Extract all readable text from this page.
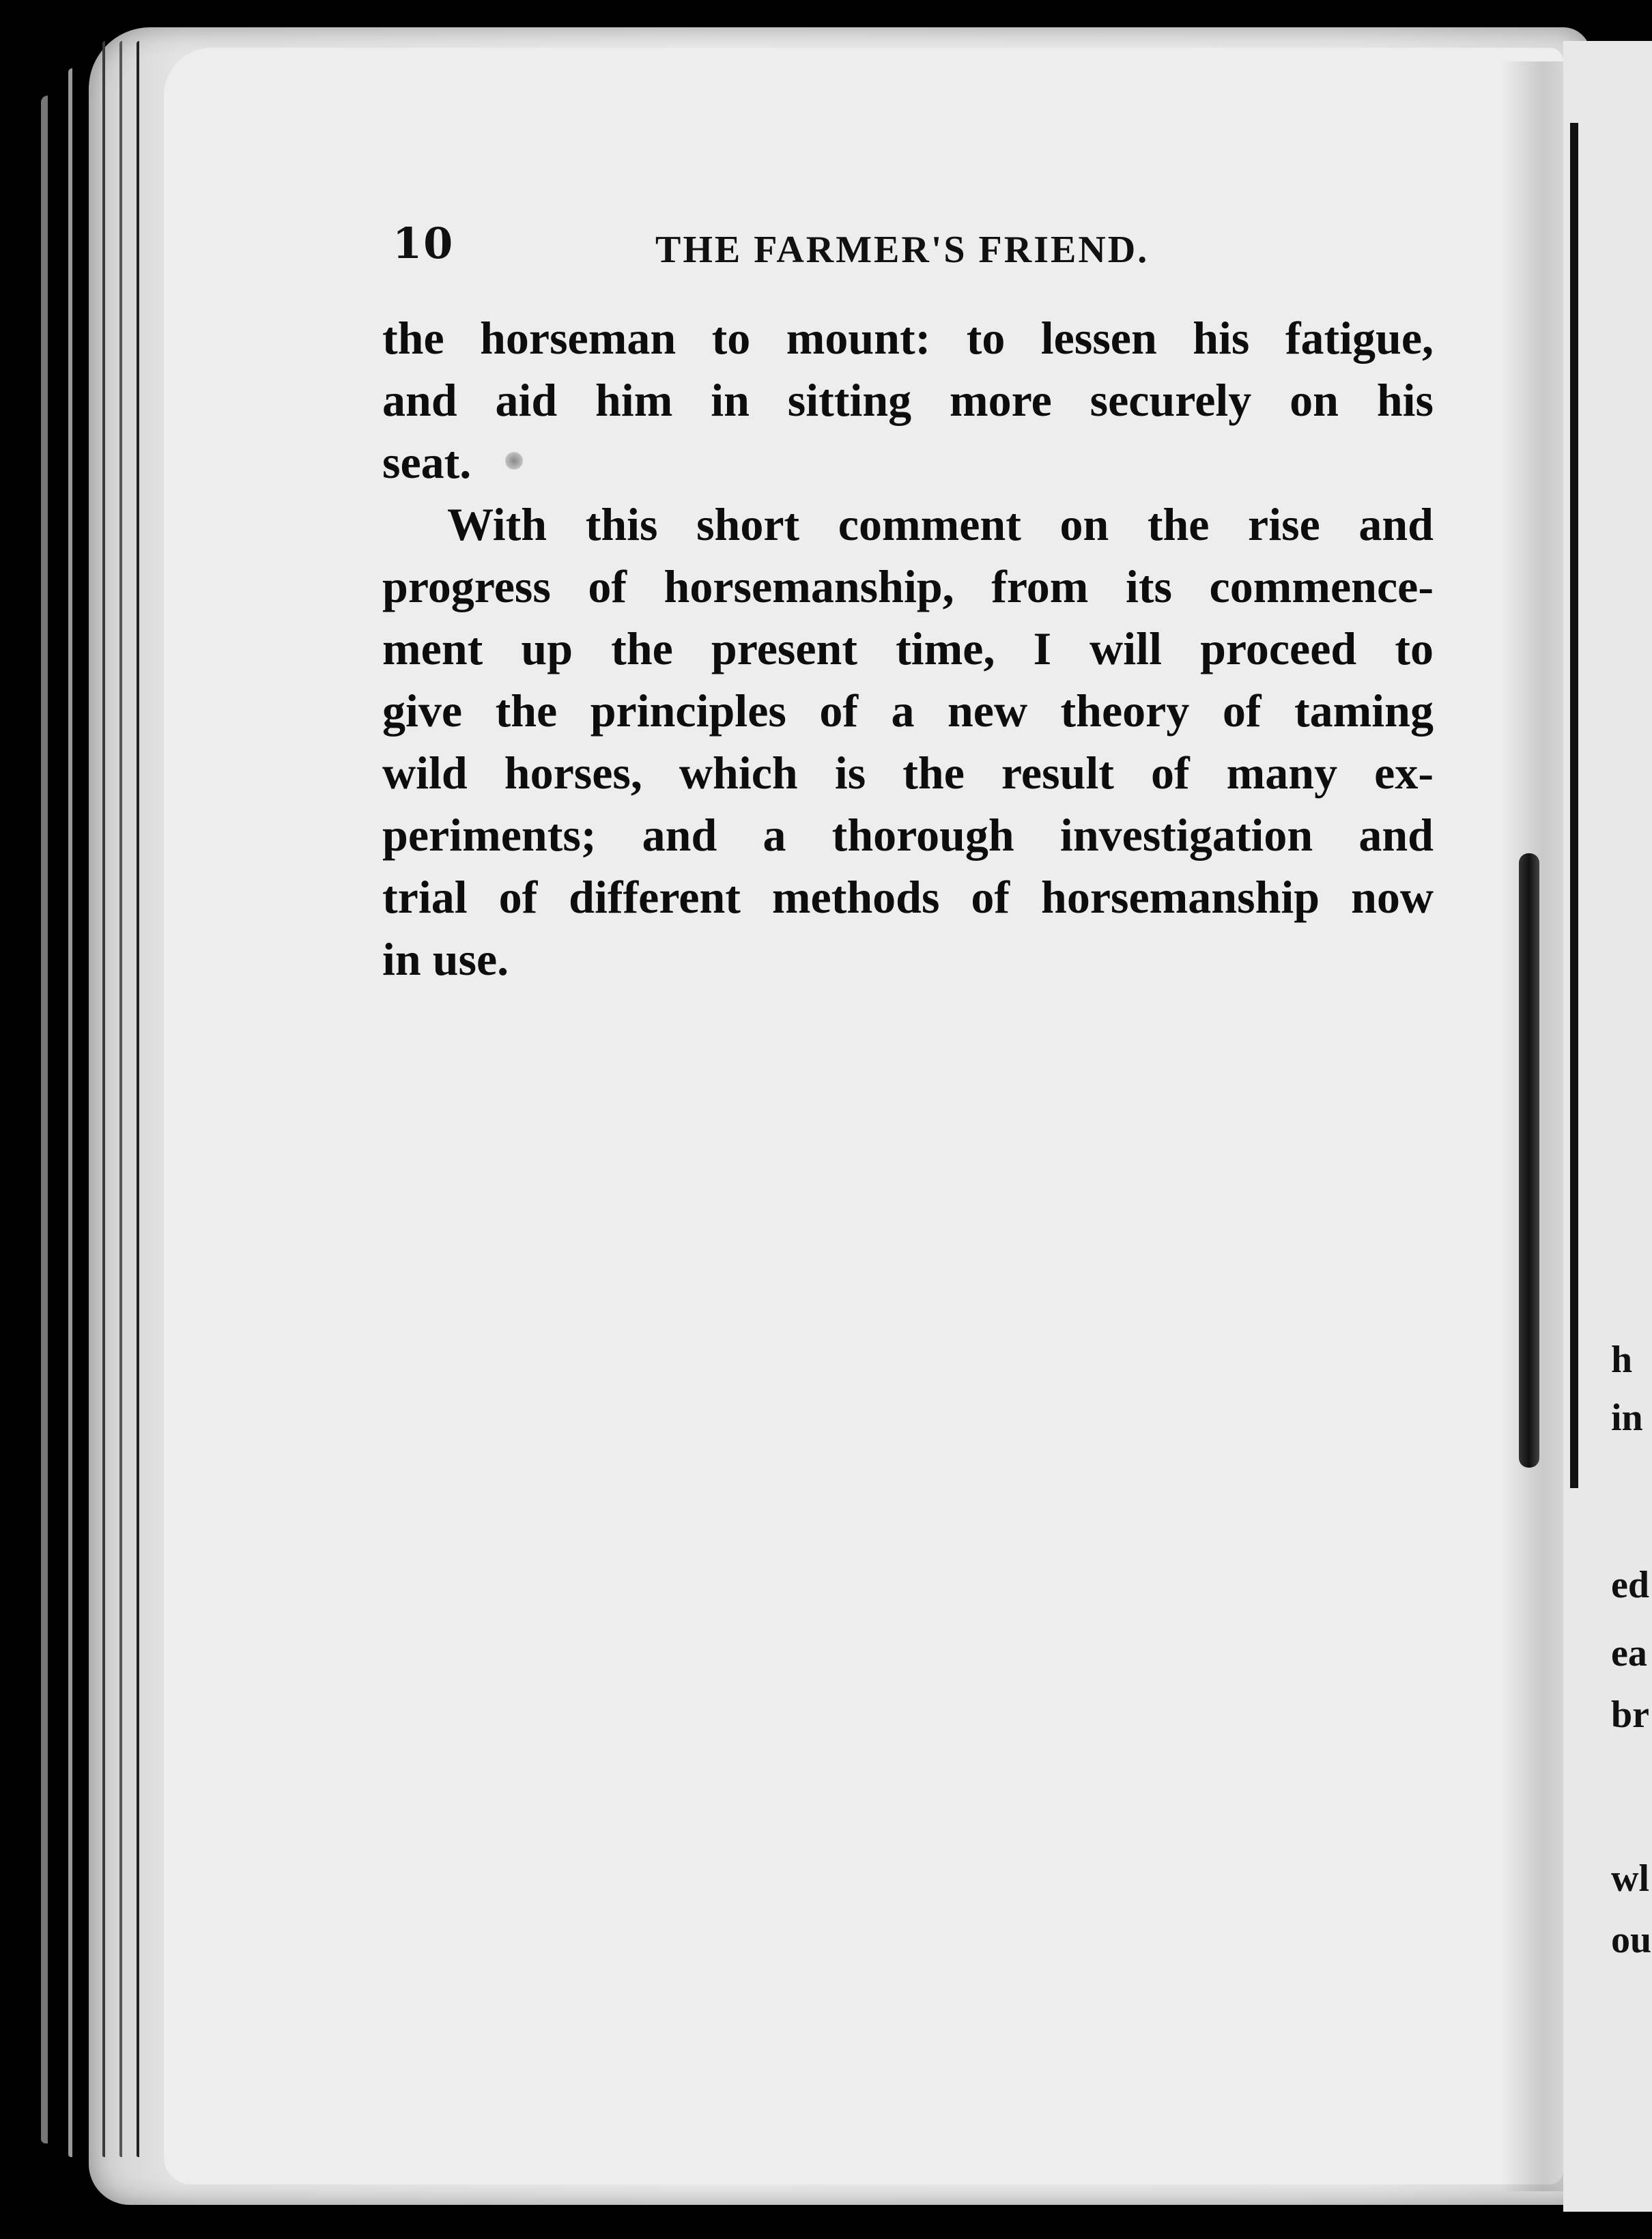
10	THE FARMER'S FRIEND.

the horseman to mount: to lessen his fatigue,
and aid him in sitting more securely on his
seat.
With this short comment on the rise and
progress of horsemanship, from its commence-
ment up the present time, I will proceed to
give the principles of a new theory of taming
wild horses, which is the result of many ex-
periments; and a thorough investigation and
trial of different methods of horsemanship now
in use.
h
in
ed
ea
br
wl
ou
